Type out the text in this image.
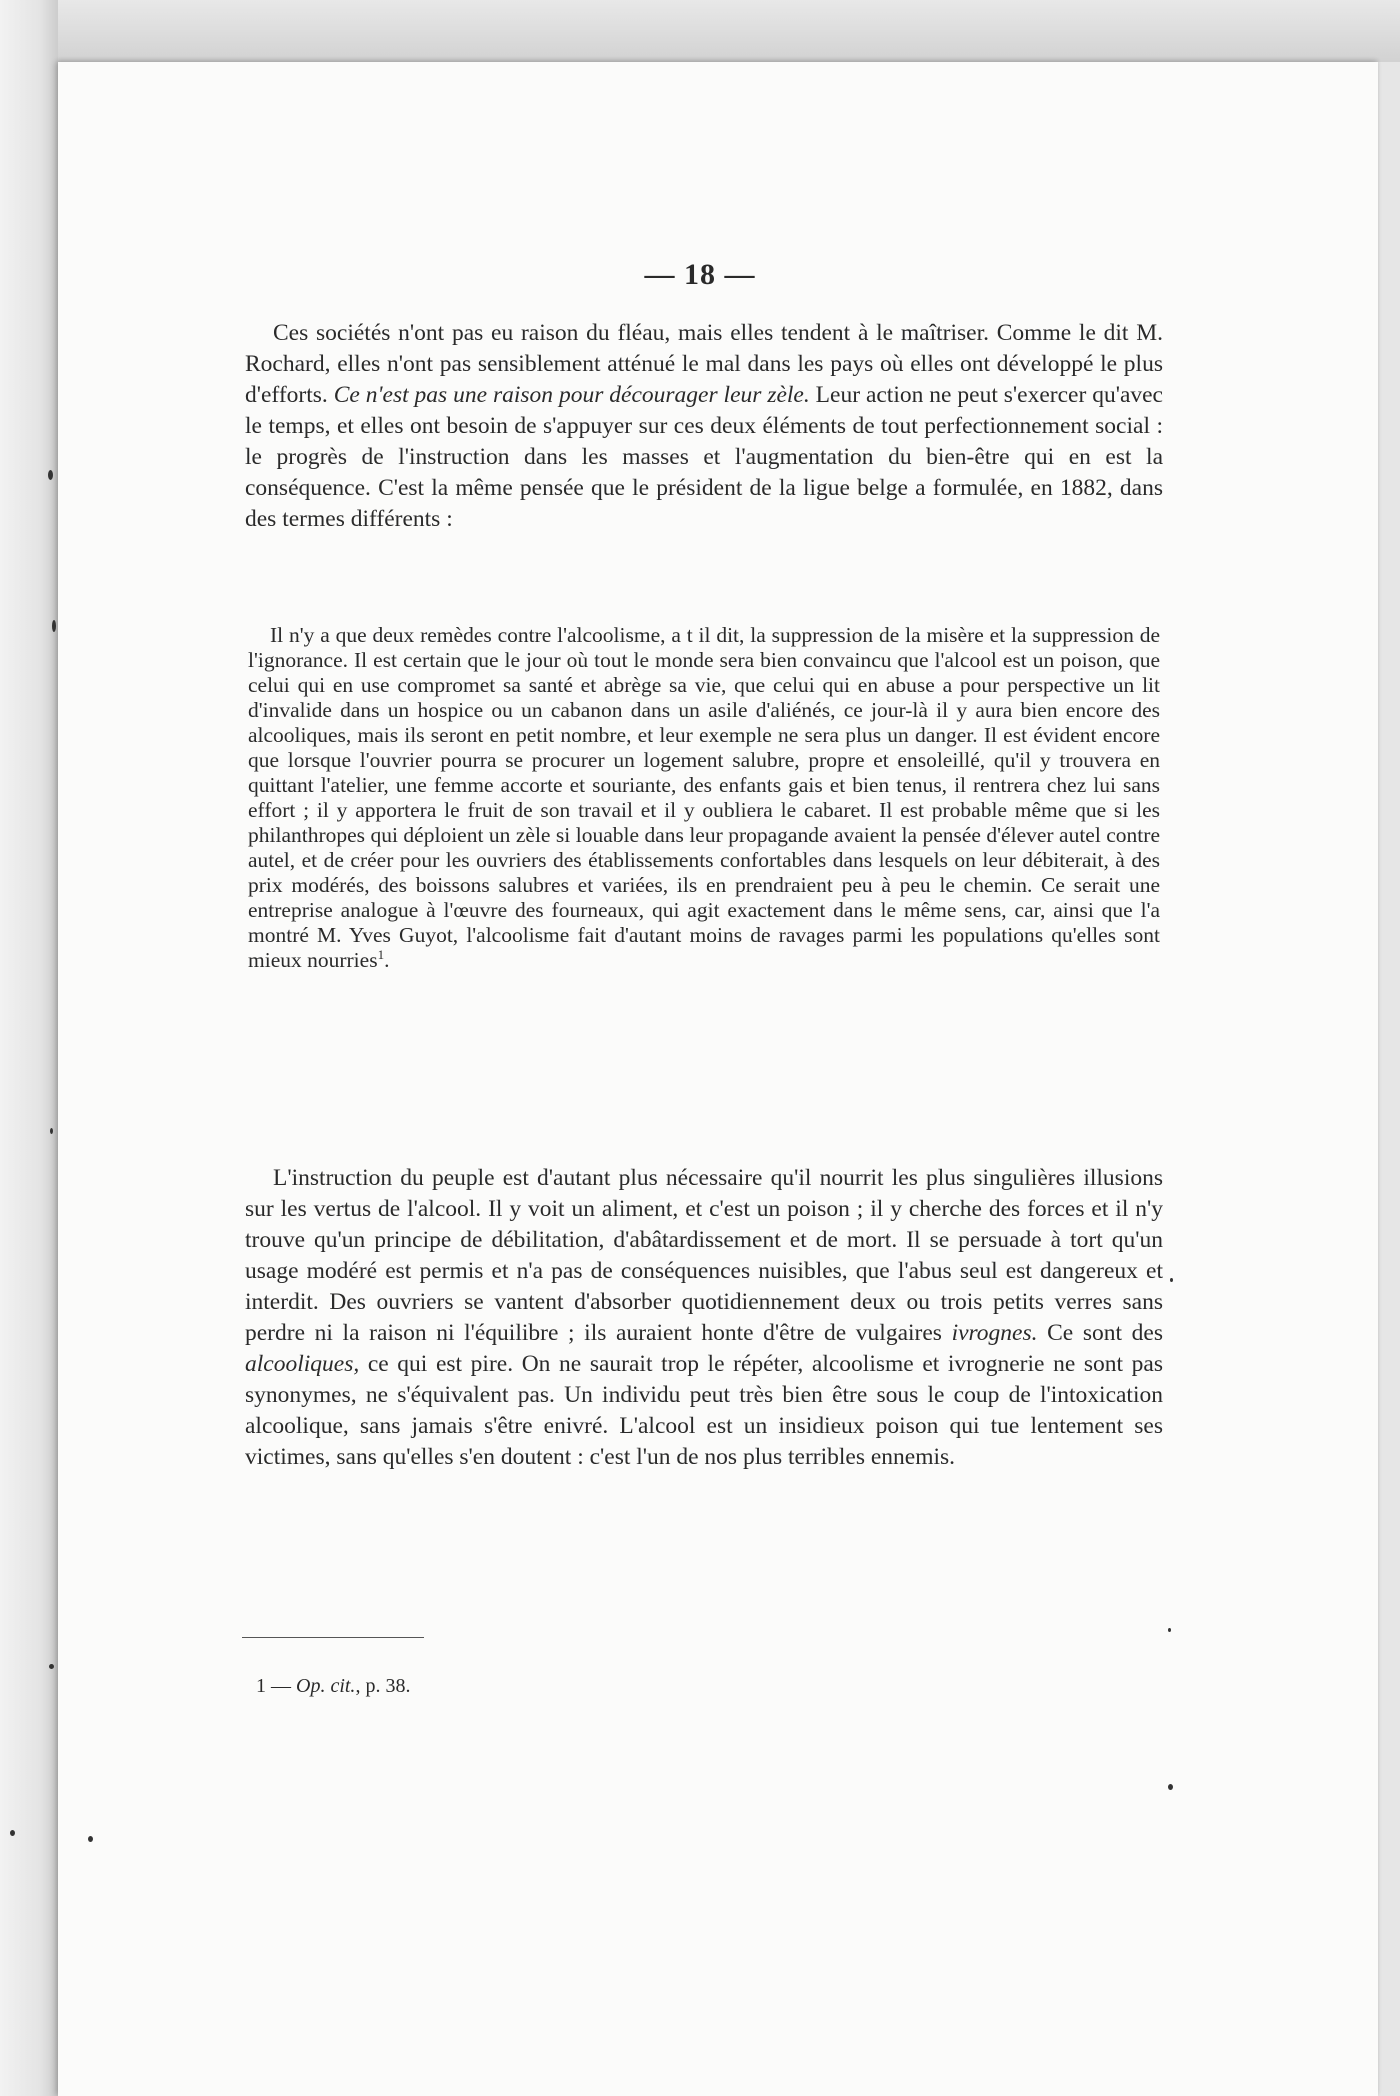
— 18 —

Ces sociétés n'ont pas eu raison du fléau, mais elles tendent à le maîtriser. Comme le dit M. Rochard, elles n'ont pas sensiblement atténué le mal dans les pays où elles ont développé le plus d'efforts. Ce n'est pas une raison pour décourager leur zèle. Leur action ne peut s'exercer qu'avec le temps, et elles ont besoin de s'appuyer sur ces deux éléments de tout perfectionnement social : le progrès de l'instruction dans les masses et l'augmentation du bien-être qui en est la conséquence. C'est la même pensée que le président de la ligue belge a formulée, en 1882, dans des termes différents :

Il n'y a que deux remèdes contre l'alcoolisme, a t il dit, la suppression de la misère et la suppression de l'ignorance. Il est certain que le jour où tout le monde sera bien convaincu que l'alcool est un poison, que celui qui en use compromet sa santé et abrège sa vie, que celui qui en abuse a pour perspective un lit d'invalide dans un hospice ou un cabanon dans un asile d'aliénés, ce jour-là il y aura bien encore des alcooliques, mais ils seront en petit nombre, et leur exemple ne sera plus un danger. Il est évident encore que lorsque l'ouvrier pourra se procurer un logement salubre, propre et ensoleillé, qu'il y trouvera en quittant l'atelier, une femme accorte et souriante, des enfants gais et bien tenus, il rentrera chez lui sans effort ; il y apportera le fruit de son travail et il y oubliera le cabaret. Il est probable même que si les philanthropes qui déploient un zèle si louable dans leur propagande avaient la pensée d'élever autel contre autel, et de créer pour les ouvriers des établissements confortables dans lesquels on leur débiterait, à des prix modérés, des boissons salubres et variées, ils en prendraient peu à peu le chemin. Ce serait une entreprise analogue à l'œuvre des fourneaux, qui agit exactement dans le même sens, car, ainsi que l'a montré M. Yves Guyot, l'alcoolisme fait d'autant moins de ravages parmi les populations qu'elles sont mieux nourries$^1$.

L'instruction du peuple est d'autant plus nécessaire qu'il nourrit les plus singulières illusions sur les vertus de l'alcool. Il y voit un aliment, et c'est un poison ; il y cherche des forces et il n'y trouve qu'un principe de débilitation, d'abâtardissement et de mort. Il se persuade à tort qu'un usage modéré est permis et n'a pas de conséquences nuisibles, que l'abus seul est dangereux et interdit. Des ouvriers se vantent d'absorber quotidiennement deux ou trois petits verres sans perdre ni la raison ni l'équilibre ; ils auraient honte d'être de vulgaires ivrognes. Ce sont des alcooliques, ce qui est pire. On ne saurait trop le répéter, alcoolisme et ivrognerie ne sont pas synonymes, ne s'équivalent pas. Un individu peut très bien être sous le coup de l'intoxication alcoolique, sans jamais s'être enivré. L'alcool est un insidieux poison qui tue lentement ses victimes, sans qu'elles s'en doutent : c'est l'un de nos plus terribles ennemis.

1 — Op. cit., p. 38.
